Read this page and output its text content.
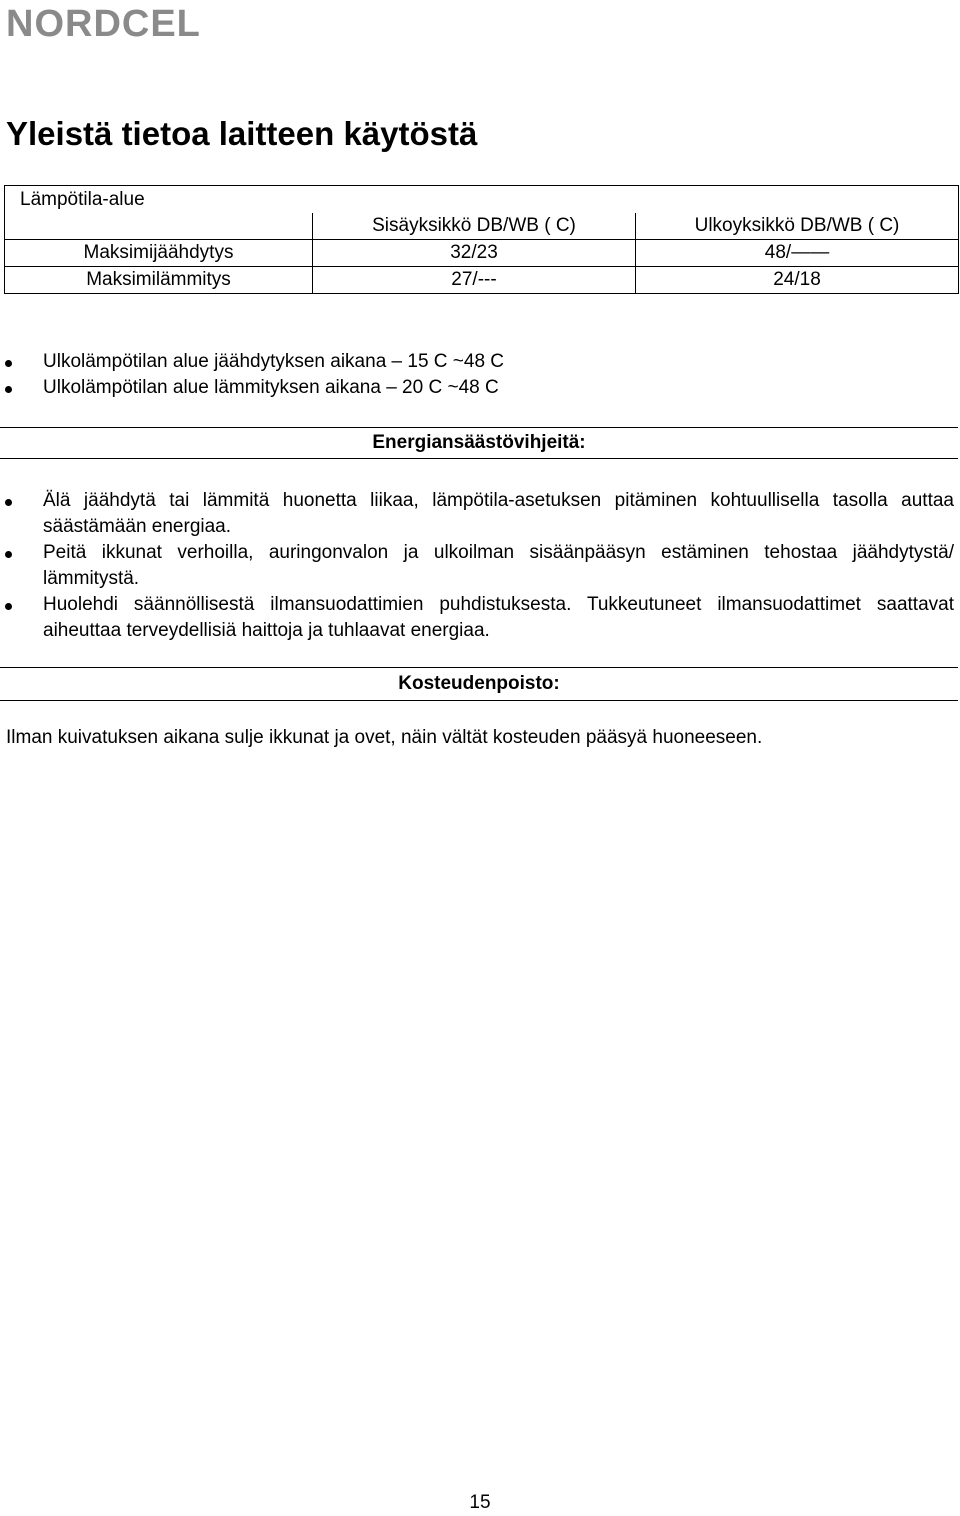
NORDCEL
Yleistä tietoa laitteen käytöstä
Lämpötila-alue		
	Sisäyksikkö DB/WB ( C)	Ulkoyksikkö DB/WB ( C)
Maksimijäähdytys	32/23	48/——
Maksimilämmitys	27/---	24/18
Ulkolämpötilan alue jäähdytyksen aikana – 15 C ~48 C
Ulkolämpötilan alue lämmityksen aikana – 20 C ~48 C
Energiansäästövihjeitä:
Älä jäähdytä tai lämmitä huonetta liikaa, lämpötila-asetuksen pitäminen kohtuullisella tasolla auttaa säästämään energiaa.
Peitä ikkunat verhoilla, auringonvalon ja ulkoilman sisäänpääsyn estäminen tehostaa jäähdytystä/ lämmitystä.
Huolehdi säännöllisestä ilmansuodattimien puhdistuksesta. Tukkeutuneet ilmansuodattimet saattavat aiheuttaa terveydellisiä haittoja ja tuhlaavat energiaa.
Kosteudenpoisto:
Ilman kuivatuksen aikana sulje ikkunat ja ovet, näin vältät kosteuden pääsyä huoneeseen.
15
